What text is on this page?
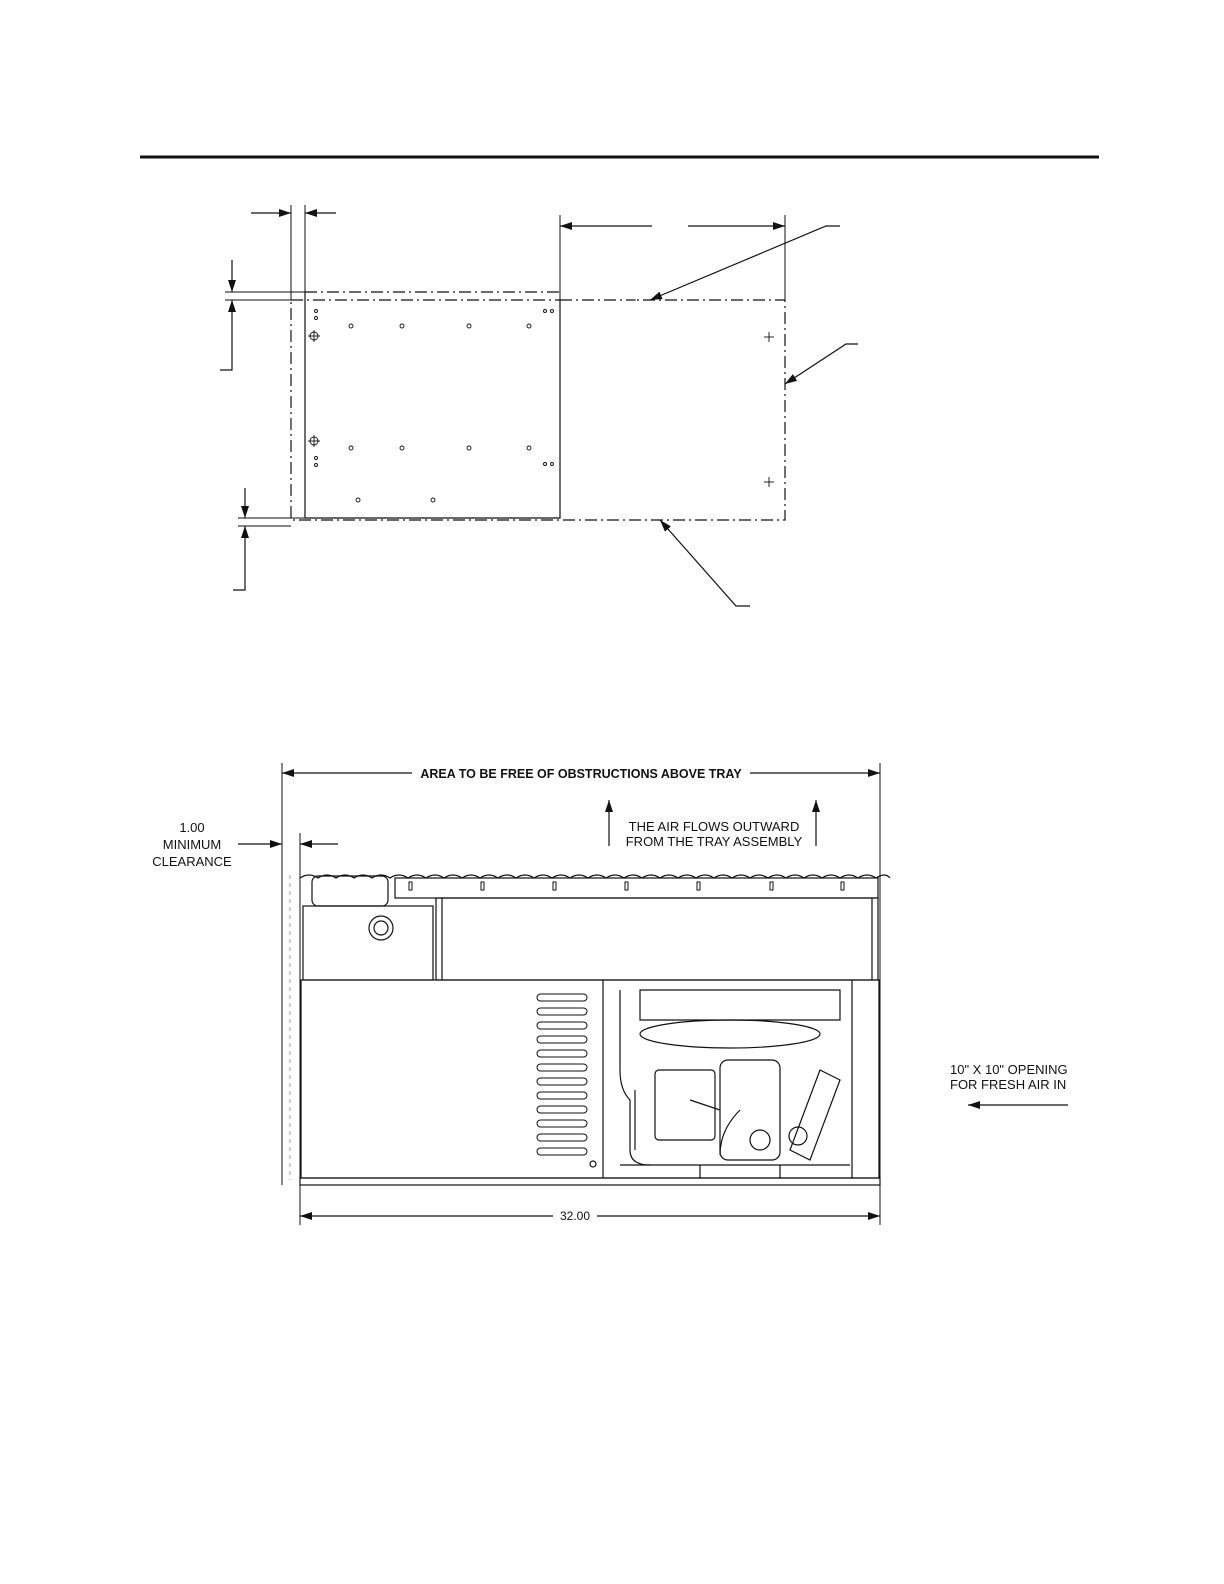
AREA TO BE FREE OF OBSTRUCTIONS ABOVE TRAY
THE AIR FLOWS OUTWARD
FROM THE TRAY ASSEMBLY
1.00
MINIMUM
CLEARANCE
10" X 10" OPENING
FOR FRESH AIR IN
32.00
